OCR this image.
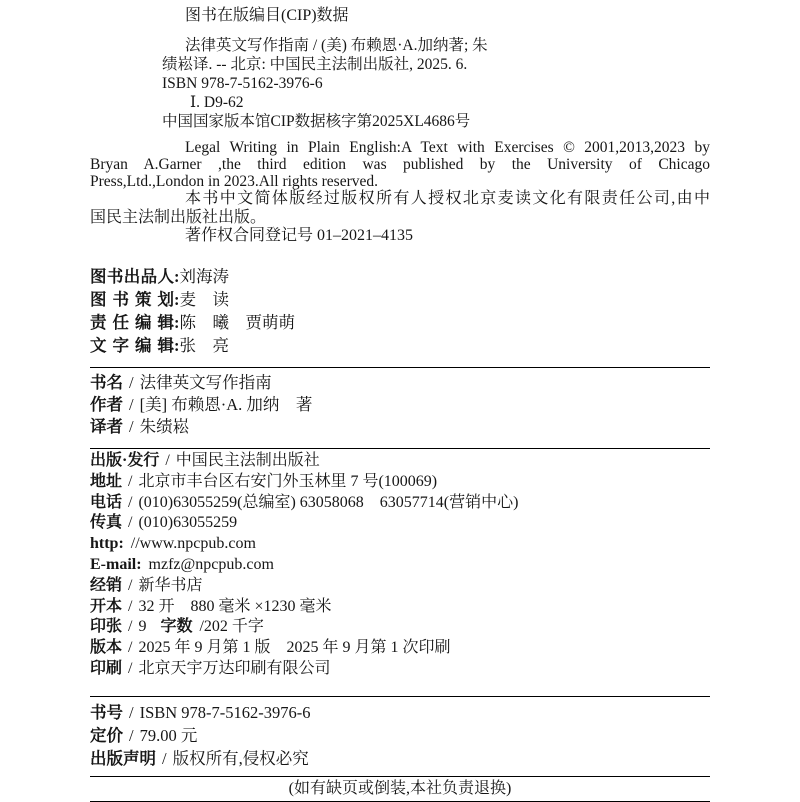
图书在版编目(CIP)数据
法律英文写作指南 / (美) 布赖恩·A.加纳著; 朱
绩崧译. -- 北京: 中国民主法制出版社, 2025. 6.
ISBN 978-7-5162-3976-6
Ⅰ. D9-62
中国国家版本馆CIP数据核字第2025XL4686号
Legal Writing in Plain English:A Text with Exercises © 2001,2013,2023 by
Bryan A.Garner ,the third edition was published by the University of Chicago
Press,Ltd.,London in 2023.All rights reserved.
本书中文简体版经过版权所有人授权北京麦读文化有限责任公司,由中
国民主法制出版社出版。
著作权合同登记号 01–2021–4135
图书出品人:刘海涛
图书策划:麦　读
责任编辑:陈　曦　贾萌萌
文字编辑:张　亮
书名 / 法律英文写作指南
作者 / [美] 布赖恩·A. 加纳　著
译者 / 朱绩崧
出版·发行 / 中国民主法制出版社
地址 / 北京市丰台区右安门外玉林里 7 号(100069)
电话 / (010)63055259(总编室) 63058068　63057714(营销中心)
传真 / (010)63055259
http: //www.npcpub.com
E-mail: mzfz@npcpub.com
经销 / 新华书店
开本 / 32 开　880 毫米 ×1230 毫米
印张 / 9 字数 /202 千字
版本 / 2025 年 9 月第 1 版　2025 年 9 月第 1 次印刷
印刷 / 北京天宇万达印刷有限公司
书号 / ISBN 978-7-5162-3976-6
定价 / 79.00 元
出版声明 / 版权所有,侵权必究
(如有缺页或倒装,本社负责退换)
